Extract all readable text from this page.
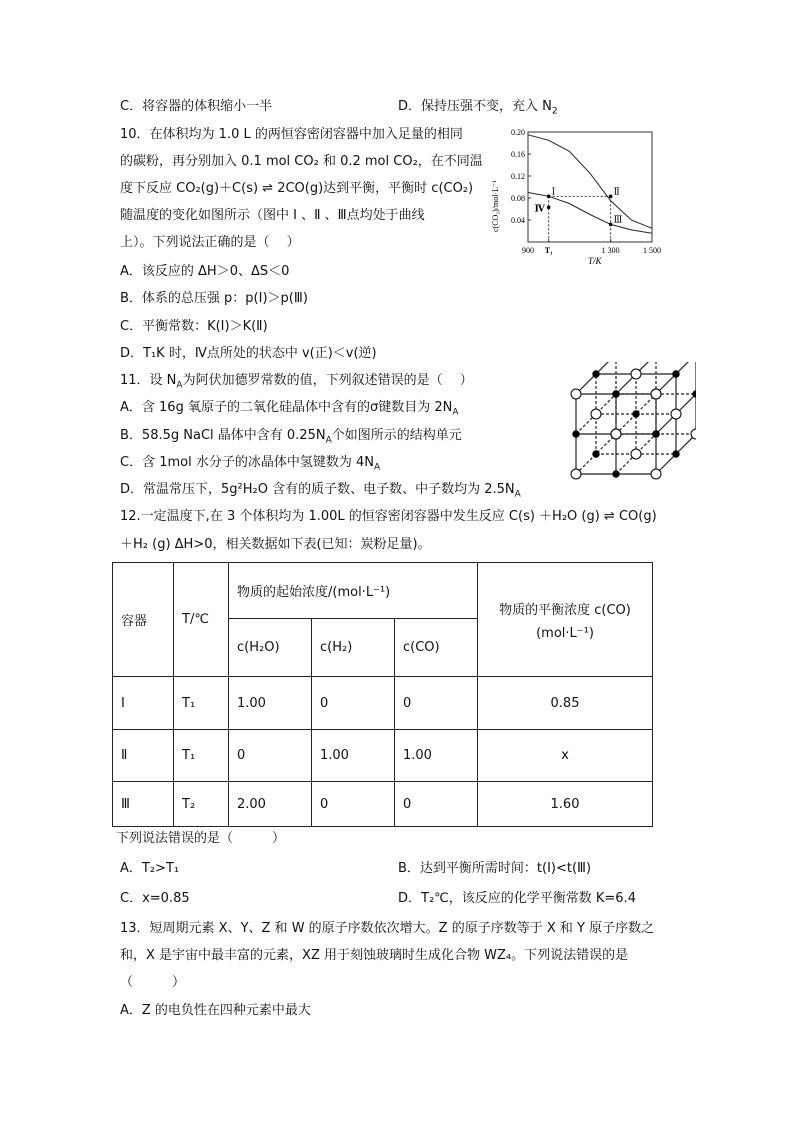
C．将容器的体积缩小一半	D．保持压强不变，充入 $N_2$
10．在体积均为 1.0 L 的两恒容密闭容器中加入足量的相同
的碳粉，再分别加入 0.1 mol CO₂ 和 0.2 mol CO₂，在不同温
度下反应 CO₂(g)＋C(s) ⇌ 2CO(g)达到平衡，平衡时 c(CO₂)
随温度的变化如图所示（图中 Ⅰ 、Ⅱ 、Ⅲ点均处于曲线
上）。下列说法正确的是（　 ）
A．该反应的 ΔH＞0、ΔS＜0
B．体系的总压强 p：p(Ⅰ)＞p(Ⅲ)
C．平衡常数：K(Ⅰ)＞K(Ⅱ)
D．T₁K 时，Ⅳ点所处的状态中 v(正)＜v(逆)
0.20
0.16
0.12
0.08
0.04
900 T₁	1 300	1 500
Ⅰ	Ⅱ
Ⅲ
Ⅳ
c(CO₂)/mol·L⁻¹
T/K
11．设 $N_A$为阿伏加德罗常数的值，下列叙述错误的是（　 ）
A．含 16g 氧原子的二氧化硅晶体中含有的σ键数目为 $2N_A$
B．58.5g NaCl 晶体中含有 $0.25N_A$个如图所示的结构单元
C．含 1mol 水分子的冰晶体中氢键数为 $4N_A$
D．常温常压下，5g²H₂O 含有的质子数、电子数、中子数均为 $2.5N_A$
12.一定温度下,在 3 个体积均为 1.00L 的恒容密闭容器中发生反应 C(s) ＋H₂O (g) ⇌ CO(g)
＋H₂ (g) ΔH>0，相关数据如下表(已知：炭粉足量)。
容器	T/℃	物质的起始浓度/(mol·L⁻¹)			物质的平衡浓度 c(CO)
(mol·L⁻¹)

		c(H₂O)	c(H₂)	c(CO)	
Ⅰ	T₁	1.00	0	0	0.85
Ⅱ	T₁	0	1.00	1.00	x
Ⅲ	T₂	2.00	0	0	1.60
下列说法错误的是（　　　）
A．T₂>T₁	B．达到平衡所需时间：t(Ⅰ)<t(Ⅲ)
C．x=0.85	D．T₂℃，该反应的化学平衡常数 K=6.4
13．短周期元素 X、Y、Z 和 W 的原子序数依次增大。Z 的原子序数等于 X 和 Y 原子序数之
和，X 是宇宙中最丰富的元素，XZ 用于刻蚀玻璃时生成化合物 WZ₄。下列说法错误的是
（　　　）
A．Z 的电负性在四种元素中最大
